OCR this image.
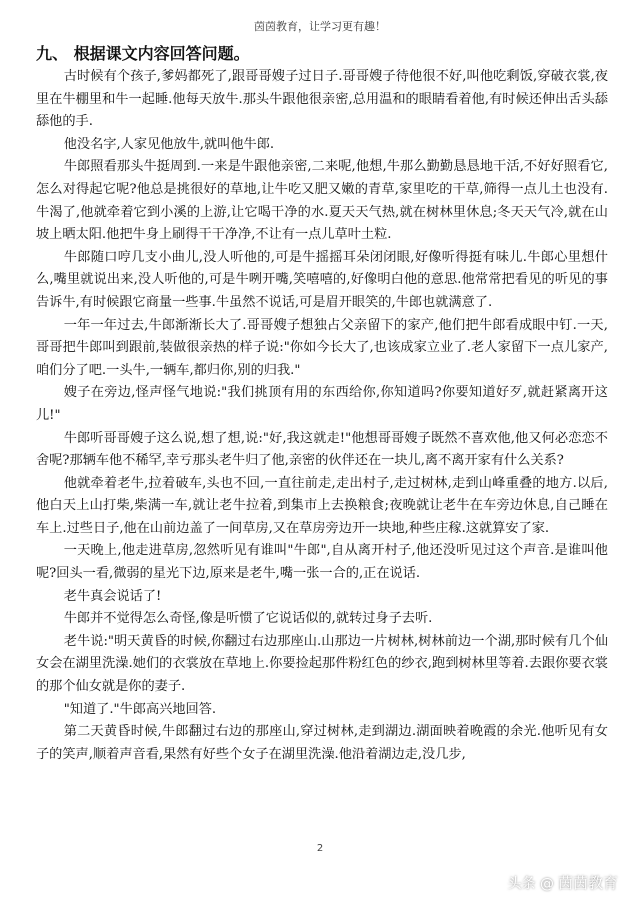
茵茵教育，让学习更有趣！

九、 根据课文内容回答问题。

古时候有个孩子,爹妈都死了,跟哥哥嫂子过日子.哥哥嫂子待他很不好,叫他吃剩饭,穿破衣裳,夜里在牛棚里和牛一起睡.他每天放牛.那头牛跟他很亲密,总用温和的眼睛看着他,有时候还伸出舌头舔舔他的手.

他没名字,人家见他放牛,就叫他牛郎.

牛郎照看那头牛挺周到.一来是牛跟他亲密,二来呢,他想,牛那么勤勤恳恳地干活,不好好照看它,怎么对得起它呢?他总是挑很好的草地,让牛吃又肥又嫩的青草,家里吃的干草,筛得一点儿土也没有.牛渴了,他就牵着它到小溪的上游,让它喝干净的水.夏天天气热,就在树林里休息;冬天天气冷,就在山坡上晒太阳.他把牛身上刷得干干净净,不让有一点儿草叶土粒.

牛郎随口哼几支小曲儿,没人听他的,可是牛摇摇耳朵闭闭眼,好像听得挺有味儿.牛郎心里想什么,嘴里就说出来,没人听他的,可是牛咧开嘴,笑嘻嘻的,好像明白他的意思.他常常把看见的听见的事告诉牛,有时候跟它商量一些事.牛虽然不说话,可是眉开眼笑的,牛郎也就满意了.

一年一年过去,牛郎渐渐长大了.哥哥嫂子想独占父亲留下的家产,他们把牛郎看成眼中钉.一天,哥哥把牛郎叫到跟前,装做很亲热的样子说:"你如今长大了,也该成家立业了.老人家留下一点儿家产,咱们分了吧.一头牛,一辆车,都归你,别的归我."

嫂子在旁边,怪声怪气地说:"我们挑顶有用的东西给你,你知道吗?你要知道好歹,就赶紧离开这儿!"

牛郎听哥哥嫂子这么说,想了想,说:"好,我这就走!"他想哥哥嫂子既然不喜欢他,他又何必恋恋不舍呢?那辆车他不稀罕,幸亏那头老牛归了他,亲密的伙伴还在一块儿,离不离开家有什么关系?

他就牵着老牛,拉着破车,头也不回,一直往前走,走出村子,走过树林,走到山峰重叠的地方.以后,他白天上山打柴,柴满一车,就让老牛拉着,到集市上去换粮食;夜晚就让老牛在车旁边休息,自己睡在车上.过些日子,他在山前边盖了一间草房,又在草房旁边开一块地,种些庄稼.这就算安了家.

一天晚上,他走进草房,忽然听见有谁叫"牛郎",自从离开村子,他还没听见过这个声音.是谁叫他呢?回头一看,微弱的星光下边,原来是老牛,嘴一张一合的,正在说话.

老牛真会说话了!

牛郎并不觉得怎么奇怪,像是听惯了它说话似的,就转过身子去听.

老牛说:"明天黄昏的时候,你翻过右边那座山.山那边一片树林,树林前边一个湖,那时候有几个仙女会在湖里洗澡.她们的衣裳放在草地上.你要捡起那件粉红色的纱衣,跑到树林里等着.去跟你要衣裳的那个仙女就是你的妻子.

"知道了."牛郎高兴地回答.

第二天黄昏时候,牛郎翻过右边的那座山,穿过树林,走到湖边.湖面映着晚霞的余光.他听见有女子的笑声,顺着声音看,果然有好些个女子在湖里洗澡.他沿着湖边走,没几步,

2
头条 @ 茵茵教育
